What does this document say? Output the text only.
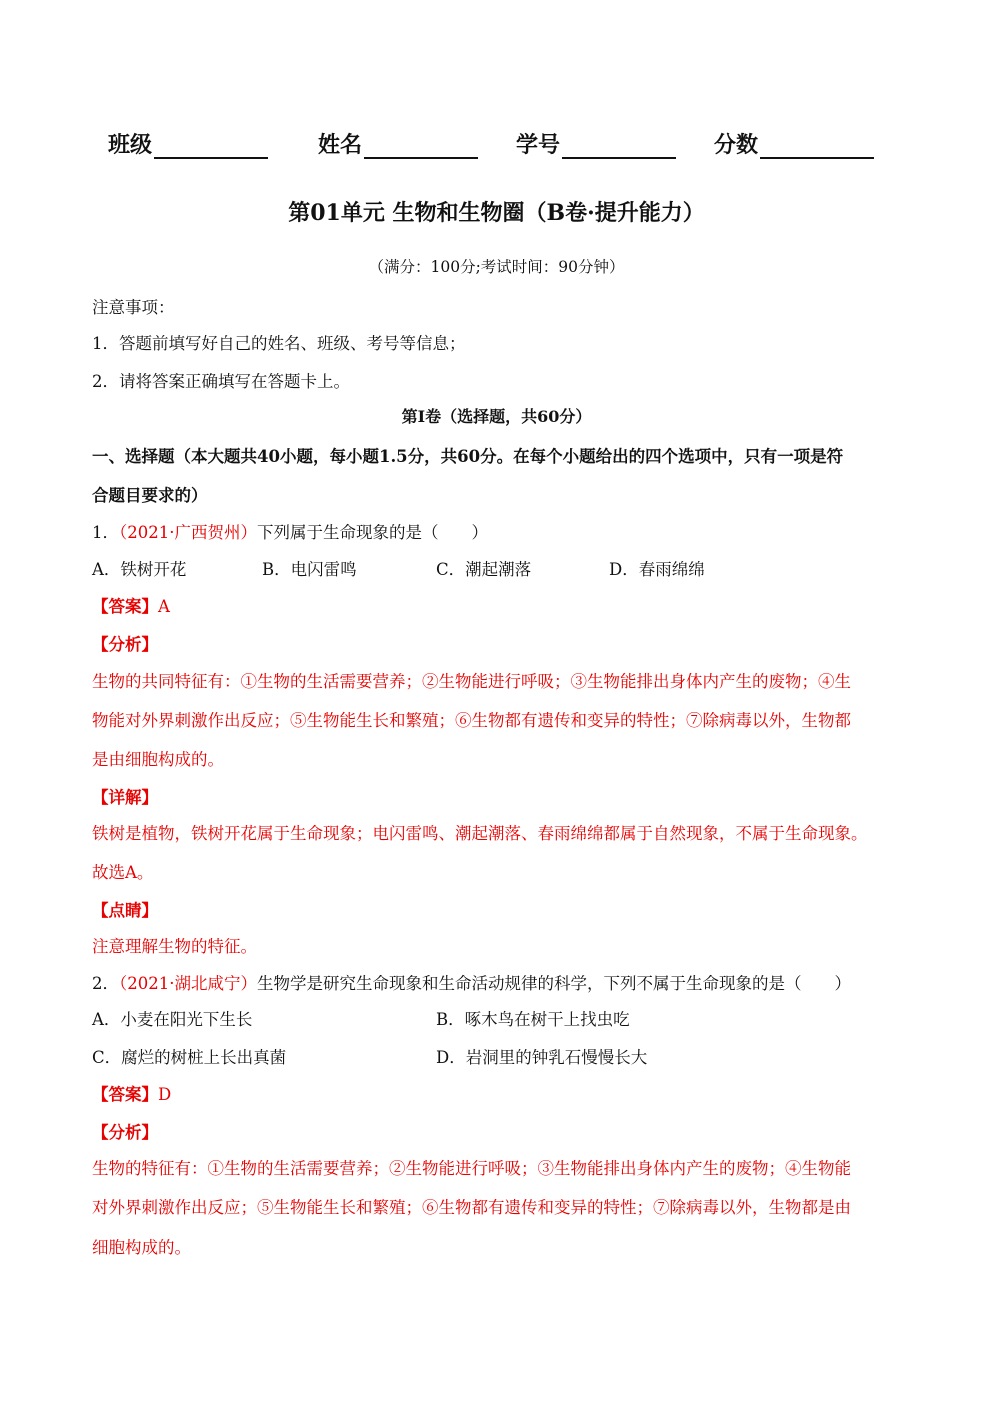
班级	姓名	学号	分数
第01单元 生物和生物圈（B卷·提升能力）
（满分：100分;考试时间：90分钟）
注意事项：
1．答题前填写好自己的姓名、班级、考号等信息；
2．请将答案正确填写在答题卡上。
第I卷（选择题，共60分）
一、选择题（本大题共40小题，每小题1.5分，共60分。在每个小题给出的四个选项中，只有一项是符
合题目要求的）
1．（2021·广西贺州）下列属于生命现象的是（　　）
A．铁树开花	B．电闪雷鸣	C．潮起潮落	D．春雨绵绵
【答案】A
【分析】
生物的共同特征有：①生物的生活需要营养；②生物能进行呼吸；③生物能排出身体内产生的废物；④生
物能对外界刺激作出反应；⑤生物能生长和繁殖；⑥生物都有遗传和变异的特性；⑦除病毒以外，生物都
是由细胞构成的。
【详解】
铁树是植物，铁树开花属于生命现象；电闪雷鸣、潮起潮落、春雨绵绵都属于自然现象，不属于生命现象。
故选A。
【点睛】
注意理解生物的特征。
2．（2021·湖北咸宁）生物学是研究生命现象和生命活动规律的科学，下列不属于生命现象的是（　　）
A．小麦在阳光下生长	B．啄木鸟在树干上找虫吃
C．腐烂的树桩上长出真菌	D．岩洞里的钟乳石慢慢长大
【答案】D
【分析】
生物的特征有：①生物的生活需要营养；②生物能进行呼吸；③生物能排出身体内产生的废物；④生物能
对外界刺激作出反应；⑤生物能生长和繁殖；⑥生物都有遗传和变异的特性；⑦除病毒以外，生物都是由
细胞构成的。
